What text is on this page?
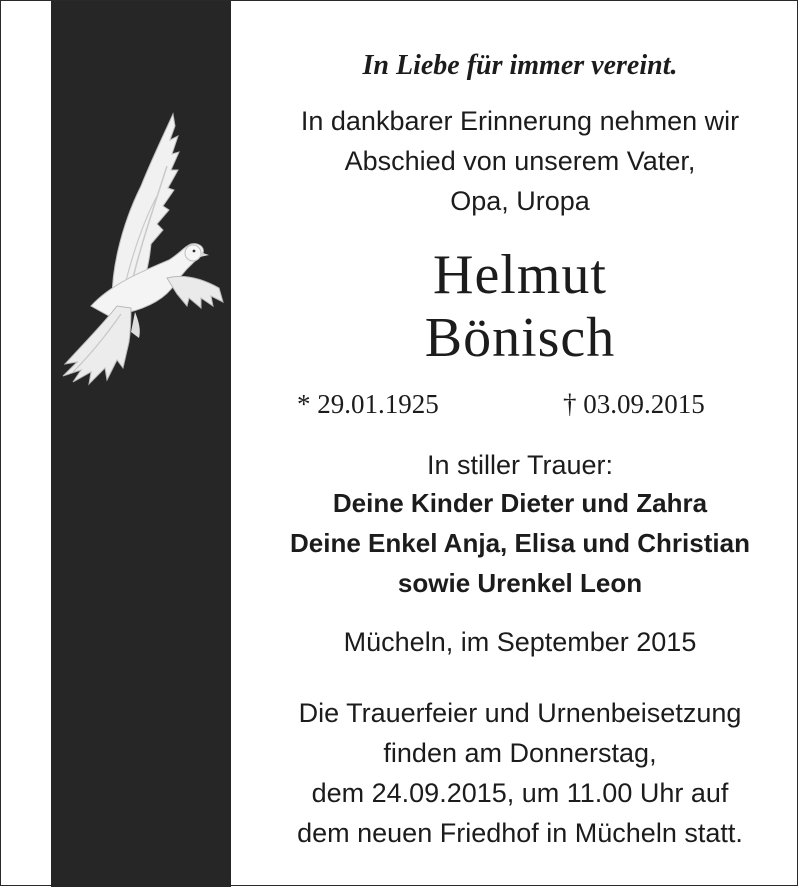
In Liebe für immer vereint.
In dankbarer Erinnerung nehmen wir
Abschied von unserem Vater,
Opa, Uropa
Helmut
Bönisch
* 29.01.1925	† 03.09.2015
In stiller Trauer:
Deine Kinder Dieter und Zahra
Deine Enkel Anja, Elisa und Christian
sowie Urenkel Leon
Mücheln, im September 2015
Die Trauerfeier und Urnenbeisetzung
finden am Donnerstag,
dem 24.09.2015, um 11.00 Uhr auf
dem neuen Friedhof in Mücheln statt.
